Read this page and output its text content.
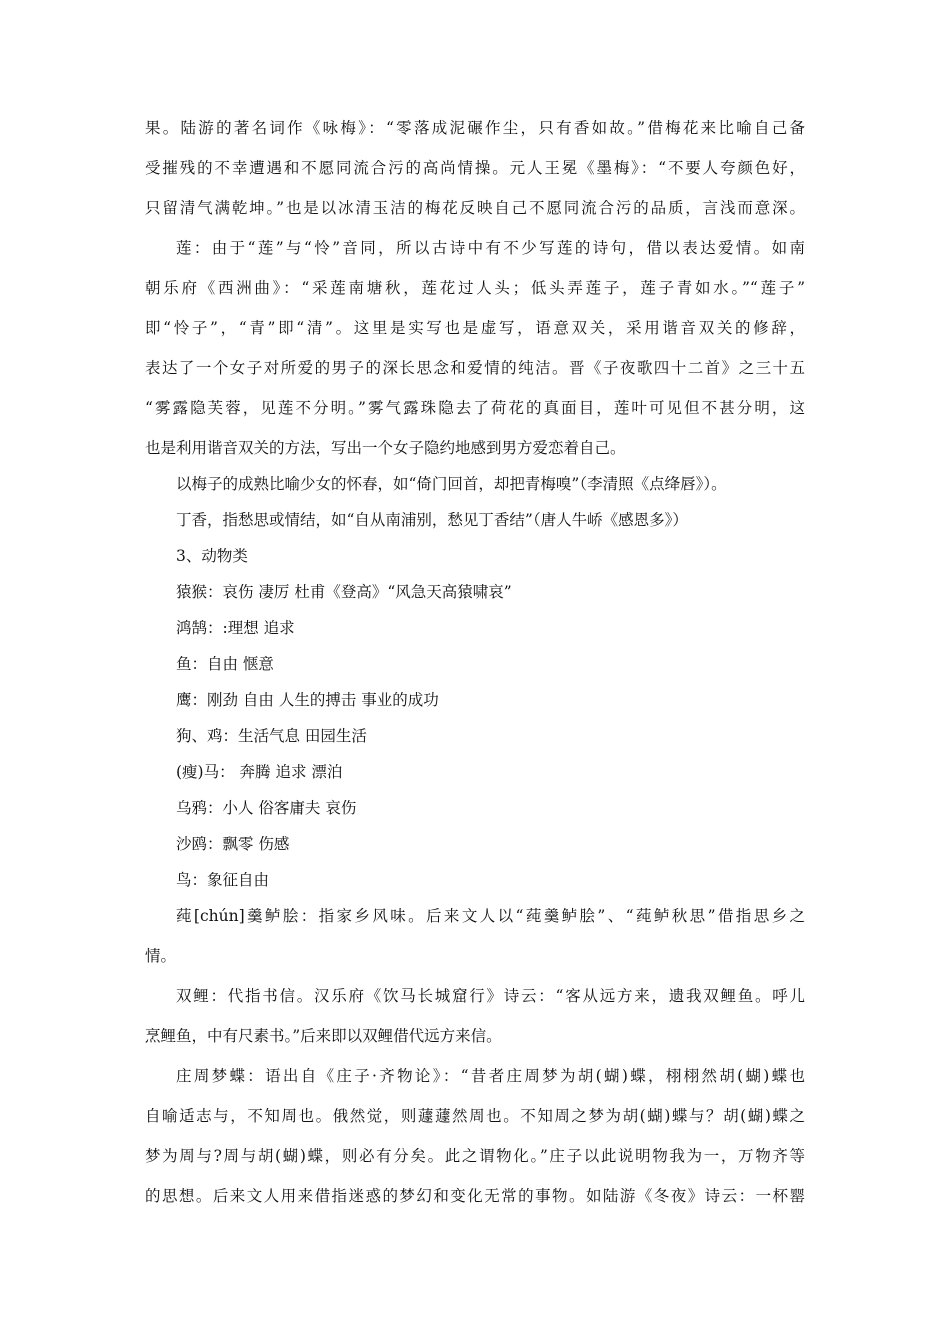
果。陆游的著名词作《咏梅》：“零落成泥碾作尘，只有香如故。”借梅花来比喻自己备
受摧残的不幸遭遇和不愿同流合污的高尚情操。元人王冕《墨梅》：“不要人夸颜色好，
只留清气满乾坤。”也是以冰清玉洁的梅花反映自己不愿同流合污的品质，言浅而意深。
莲：由于“莲”与“怜”音同，所以古诗中有不少写莲的诗句，借以表达爱情。如南
朝乐府《西洲曲》：“采莲南塘秋，莲花过人头；低头弄莲子，莲子青如水。”“莲子”
即“怜子”，“青”即“清”。这里是实写也是虚写，语意双关，采用谐音双关的修辞，
表达了一个女子对所爱的男子的深长思念和爱情的纯洁。晋《子夜歌四十二首》之三十五
“雾露隐芙蓉，见莲不分明。”雾气露珠隐去了荷花的真面目，莲叶可见但不甚分明，这
也是利用谐音双关的方法，写出一个女子隐约地感到男方爱恋着自己。
以梅子的成熟比喻少女的怀春，如“倚门回首，却把青梅嗅”（李清照《点绛唇》）。
丁香，指愁思或情结，如“自从南浦别，愁见丁香结”（唐人牛峤《感恩多》）
3、动物类
猿猴：哀伤 凄厉 杜甫《登高》“风急天高猿啸哀”
鸿鹄：:理想 追求
鱼：自由 惬意
鹰：刚劲 自由 人生的搏击 事业的成功
狗、鸡：生活气息 田园生活
(瘦)马： 奔腾 追求 漂泊
乌鸦：小人 俗客庸夫 哀伤
沙鸥：飘零 伤感
鸟：象征自由
莼[chún]羹鲈脍：指家乡风味。后来文人以“莼羹鲈脍”、“莼鲈秋思”借指思乡之
情。
双鲤：代指书信。汉乐府《饮马长城窟行》诗云：“客从远方来，遗我双鲤鱼。呼儿
烹鲤鱼，中有尺素书。”后来即以双鲤借代远方来信。
庄周梦蝶：语出自《庄子·齐物论》：“昔者庄周梦为胡(蝴)蝶，栩栩然胡(蝴)蝶也
自喻适志与，不知周也。俄然觉，则蘧蘧然周也。不知周之梦为胡(蝴)蝶与？胡(蝴)蝶之
梦为周与?周与胡(蝴)蝶，则必有分矣。此之谓物化。”庄子以此说明物我为一，万物齐等
的思想。后来文人用来借指迷惑的梦幻和变化无常的事物。如陆游《冬夜》诗云：一杯罂
